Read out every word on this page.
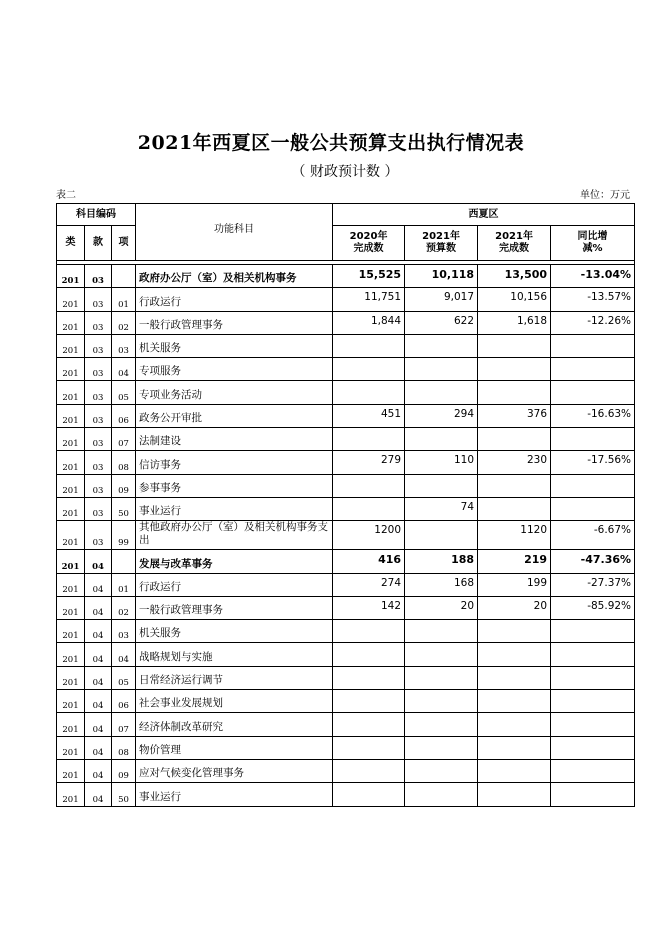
2021年西夏区一般公共预算支出执行情况表
（ 财政预计数 ）
表二	单位：万元
科目编码			功能科目	西夏区			
类	款	项		2020年完成数	2021年预算数	2021年完成数	同比增减%

201	03		政府办公厅（室）及相关机构事务	15,525	10,118	13,500	-13.04%
201	03	01	行政运行	11,751	9,017	10,156	-13.57%
201	03	02	一般行政管理事务	1,844	622	1,618	-12.26%
201	03	03	机关服务				
201	03	04	专项服务				
201	03	05	专项业务活动				
201	03	06	政务公开审批	451	294	376	-16.63%
201	03	07	法制建设				
201	03	08	信访事务	279	110	230	-17.56%
201	03	09	参事事务				
201	03	50	事业运行		74		
201	03	99	其他政府办公厅（室）及相关机构事务支出	1200		1120	-6.67%
201	04		发展与改革事务	416	188	219	-47.36%
201	04	01	行政运行	274	168	199	-27.37%
201	04	02	一般行政管理事务	142	20	20	-85.92%
201	04	03	机关服务				
201	04	04	战略规划与实施				
201	04	05	日常经济运行调节				
201	04	06	社会事业发展规划				
201	04	07	经济体制改革研究				
201	04	08	物价管理				
201	04	09	应对气候变化管理事务				
201	04	50	事业运行				
